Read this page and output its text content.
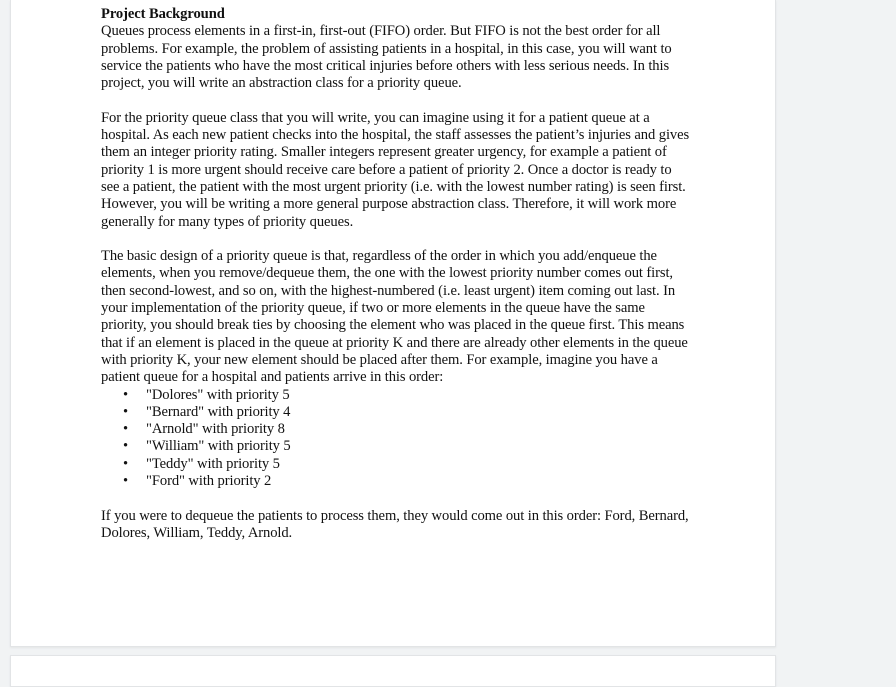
Project Background

Queues process elements in a first-in, first-out (FIFO) order. But FIFO is not the best order for all problems. For example, the problem of assisting patients in a hospital, in this case, you will want to service the patients who have the most critical injuries before others with less serious needs. In this project, you will write an abstraction class for a priority queue.

For the priority queue class that you will write, you can imagine using it for a patient queue at a hospital. As each new patient checks into the hospital, the staff assesses the patient’s injuries and gives them an integer priority rating. Smaller integers represent greater urgency, for example a patient of priority 1 is more urgent should receive care before a patient of priority 2. Once a doctor is ready to see a patient, the patient with the most urgent priority (i.e. with the lowest number rating) is seen first. However, you will be writing a more general purpose abstraction class. Therefore, it will work more generally for many types of priority queues.

The basic design of a priority queue is that, regardless of the order in which you add/enqueue the elements, when you remove/dequeue them, the one with the lowest priority number comes out first, then second-lowest, and so on, with the highest-numbered (i.e. least urgent) item coming out last. In your implementation of the priority queue, if two or more elements in the queue have the same priority, you should break ties by choosing the element who was placed in the queue first. This means that if an element is placed in the queue at priority K and there are already other elements in the queue with priority K, your new element should be placed after them. For example, imagine you have a patient queue for a hospital and patients arrive in this order:

• "Dolores" with priority 5
• "Bernard" with priority 4
• "Arnold" with priority 8
• "William" with priority 5
• "Teddy" with priority 5
• "Ford" with priority 2

If you were to dequeue the patients to process them, they would come out in this order: Ford, Bernard, Dolores, William, Teddy, Arnold.
